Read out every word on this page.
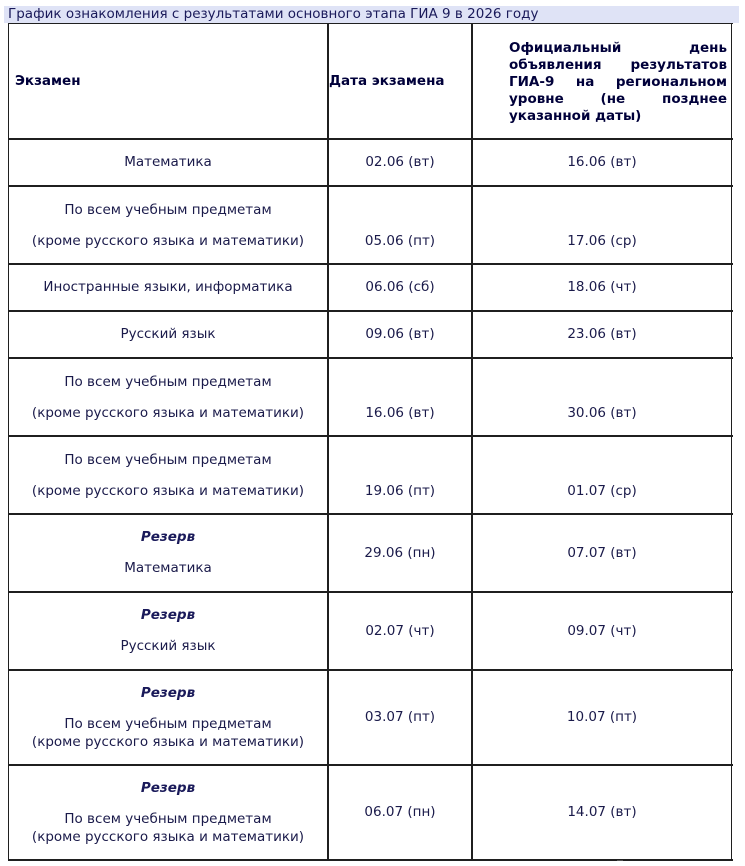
График ознакомления с результатами основного этапа ГИА 9 в 2026 году
Экзамен	Дата экзамена
Официальный день
объявления результатов
ГИА-9 на региональном
уровне (не позднее
указанной даты)
Математика	02.06 (вт)	16.06 (вт)
По всем учебным предметам
(кроме русского языка и математики)	05.06 (пт)	17.06 (ср)
Иностранные языки, информатика	06.06 (сб)	18.06 (чт)
Русский язык	09.06 (вт)	23.06 (вт)
По всем учебным предметам
(кроме русского языка и математики)	16.06 (вт)	30.06 (вт)
По всем учебным предметам
(кроме русского языка и математики)	19.06 (пт)	01.07 (ср)
Резерв
Математика
29.06 (пн)	07.07 (вт)
Резерв
Русский язык
02.07 (чт)	09.07 (чт)
Резерв
По всем учебным предметам
(кроме русского языка и математики)
03.07 (пт)	10.07 (пт)
Резерв
По всем учебным предметам
(кроме русского языка и математики)
06.07 (пн)	14.07 (вт)
